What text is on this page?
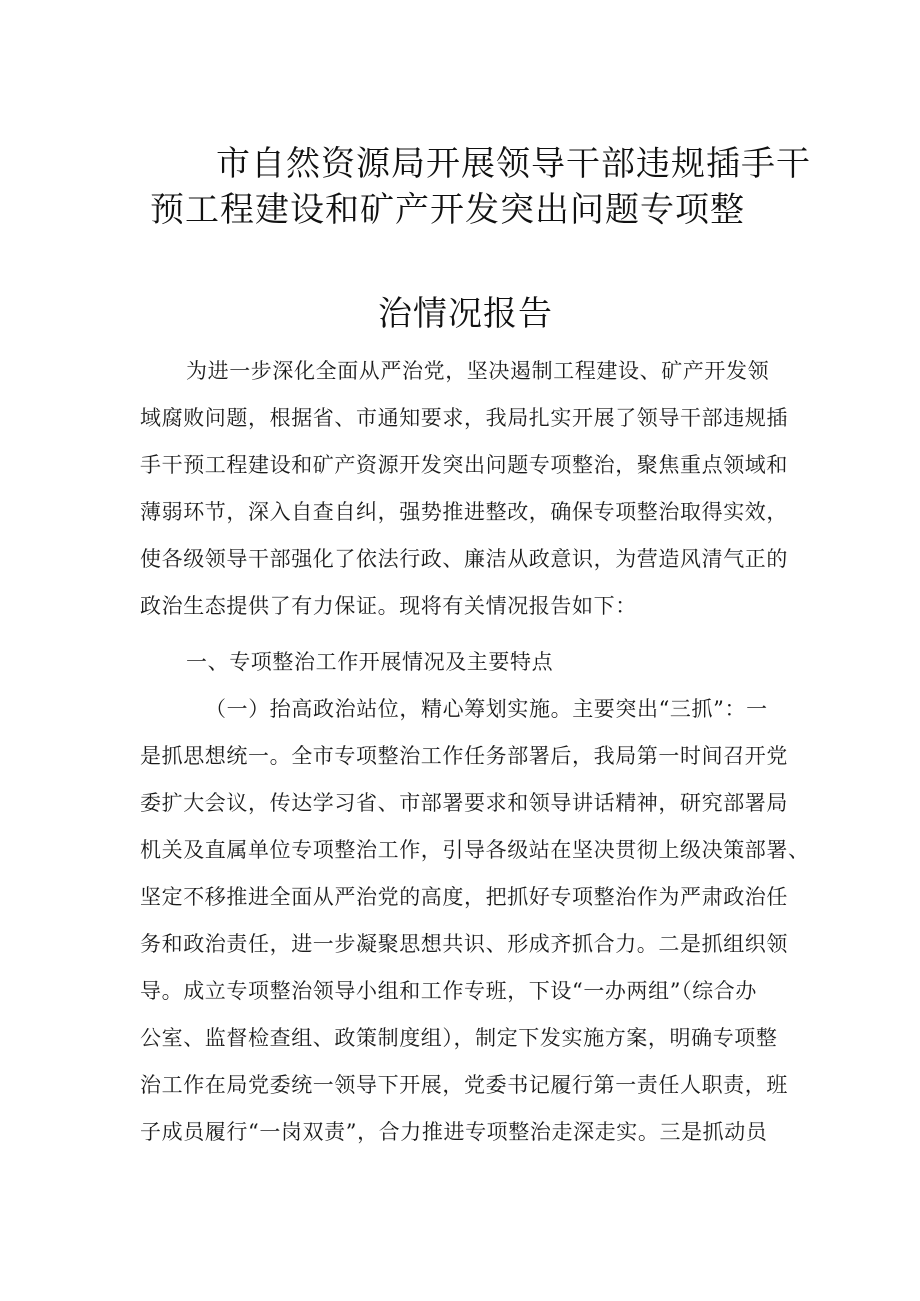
市自然资源局开展领导干部违规插手干
预工程建设和矿产开发突出问题专项整
治情况报告
为进一步深化全面从严治党，坚决遏制工程建设、矿产开发领
域腐败问题，根据省、市通知要求，我局扎实开展了领导干部违规插
手干预工程建设和矿产资源开发突出问题专项整治，聚焦重点领域和
薄弱环节，深入自查自纠，强势推进整改，确保专项整治取得实效，
使各级领导干部强化了依法行政、廉洁从政意识，为营造风清气正的
政治生态提供了有力保证。现将有关情况报告如下：
一、专项整治工作开展情况及主要特点
（一）抬高政治站位，精心筹划实施。主要突出“三抓”：一
是抓思想统一。全市专项整治工作任务部署后，我局第一时间召开党
委扩大会议，传达学习省、市部署要求和领导讲话精神，研究部署局
机关及直属单位专项整治工作，引导各级站在坚决贯彻上级决策部署、
坚定不移推进全面从严治党的高度，把抓好专项整治作为严肃政治任
务和政治责任，进一步凝聚思想共识、形成齐抓合力。二是抓组织领
导。成立专项整治领导小组和工作专班，下设“一办两组”（综合办
公室、监督检查组、政策制度组），制定下发实施方案，明确专项整
治工作在局党委统一领导下开展，党委书记履行第一责任人职责，班
子成员履行“一岗双责”，合力推进专项整治走深走实。三是抓动员
